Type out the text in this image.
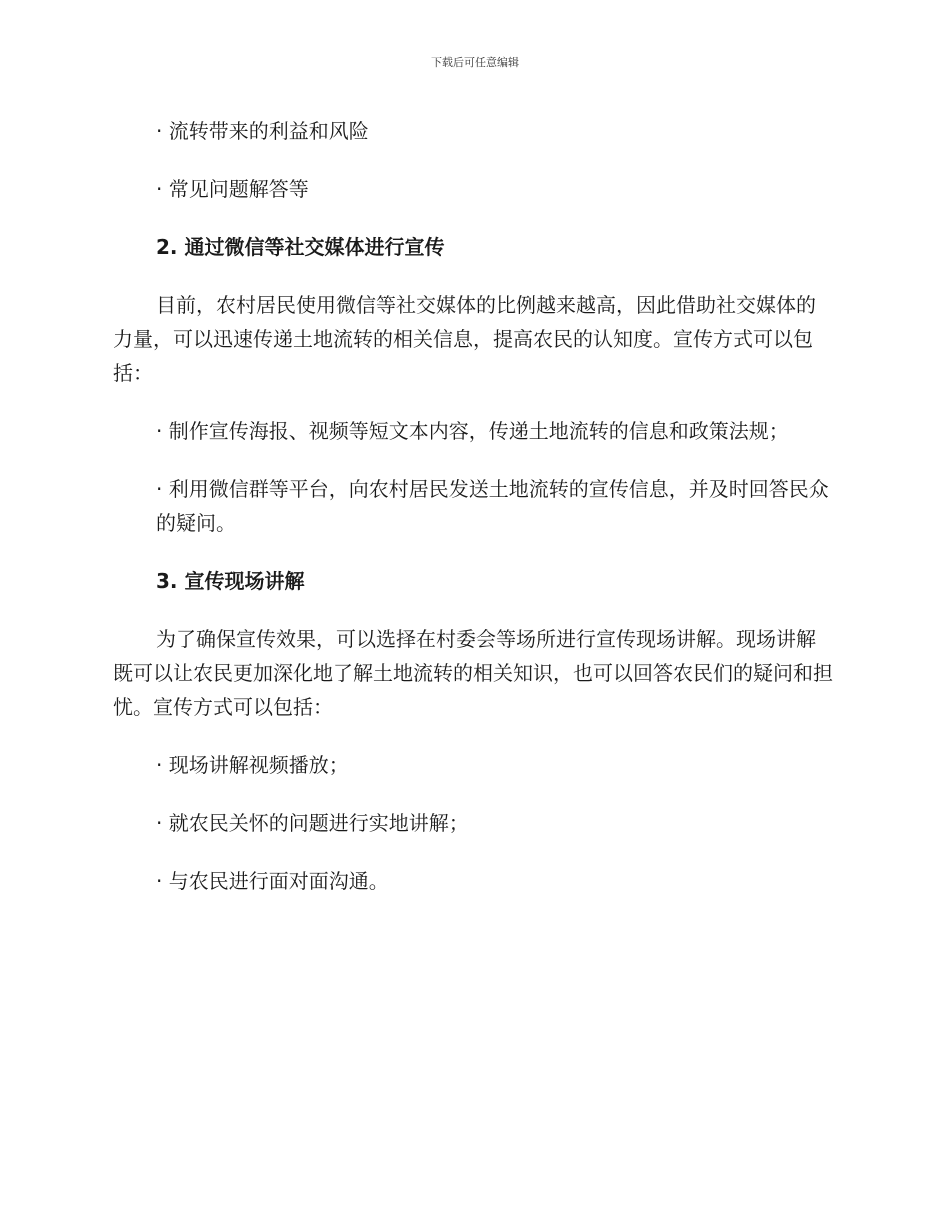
下载后可任意编辑
· 流转带来的利益和风险
· 常见问题解答等
2. 通过微信等社交媒体进行宣传
目前，农村居民使用微信等社交媒体的比例越来越高，因此借助社交媒体的力量，可以迅速传递土地流转的相关信息，提高农民的认知度。宣传方式可以包括：
· 制作宣传海报、视频等短文本内容，传递土地流转的信息和政策法规；
· 利用微信群等平台，向农村居民发送土地流转的宣传信息，并及时回答民众的疑问。
3. 宣传现场讲解
为了确保宣传效果，可以选择在村委会等场所进行宣传现场讲解。现场讲解既可以让农民更加深化地了解土地流转的相关知识，也可以回答农民们的疑问和担忧。宣传方式可以包括：
· 现场讲解视频播放；
· 就农民关怀的问题进行实地讲解；
· 与农民进行面对面沟通。
